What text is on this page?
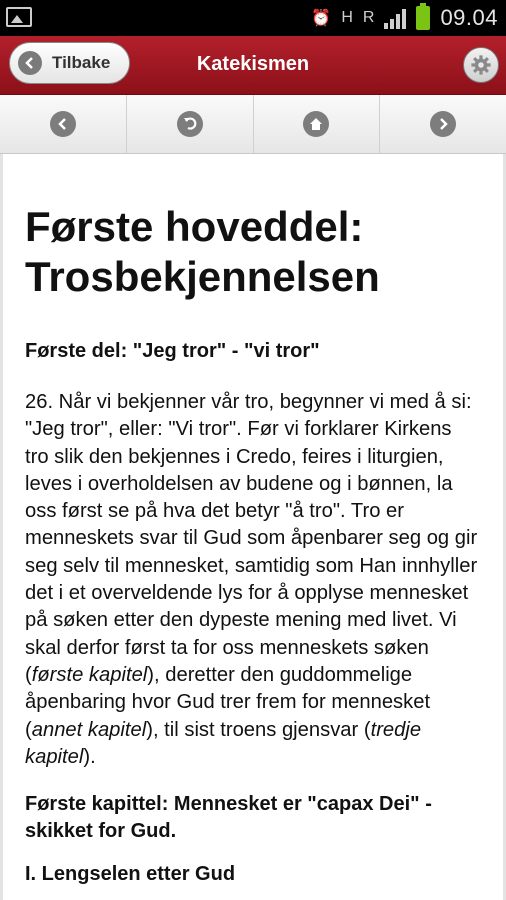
⏰ H R	09.04
Katekismen
Tilbake
Første hoveddel: Trosbekjennelsen
Første del: "Jeg tror" - "vi tror"

26. Når vi bekjenner vår tro, begynner vi med å si: "Jeg tror", eller: "Vi tror". Før vi forklarer Kirkens tro slik den bekjennes i Credo, feires i liturgien, leves i overholdelsen av budene og i bønnen, la oss først se på hva det betyr "å tro". Tro er menneskets svar til Gud som åpenbarer seg og gir seg selv til mennesket, samtidig som Han innhyller det i et overveldende lys for å opplyse mennesket på søken etter den dypeste mening med livet. Vi skal derfor først ta for oss menneskets søken (første kapitel), deretter den guddommelige åpenbaring hvor Gud trer frem for mennesket (annet kapitel), til sist troens gjensvar (tredje kapitel).

Første kapittel: Mennesket er "capax Dei" - skikket for Gud.
I. Lengselen etter Gud
